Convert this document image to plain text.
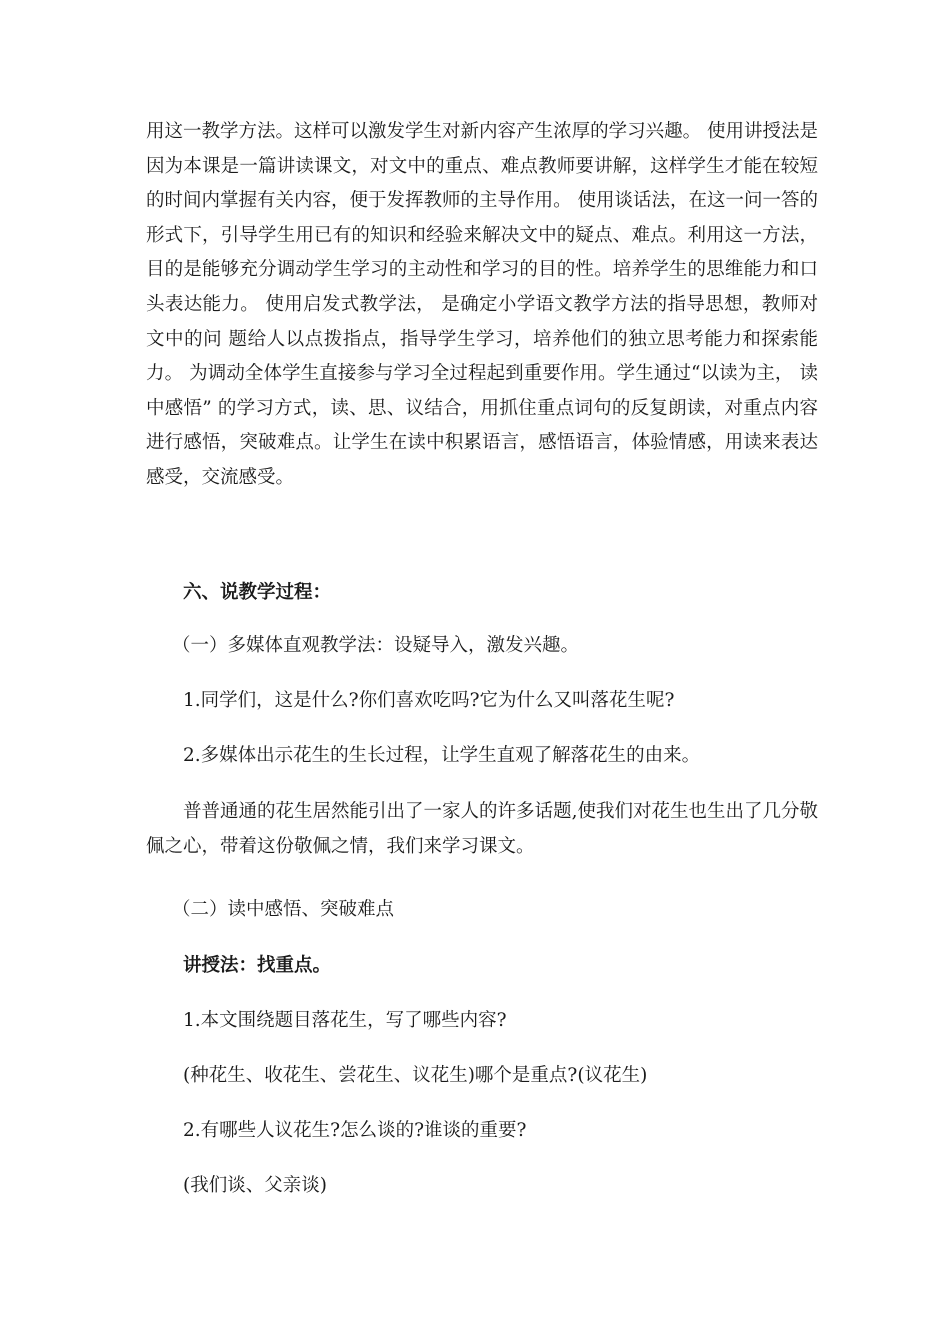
用这一教学方法。这样可以激发学生对新内容产生浓厚的学习兴趣。 使用讲授法是因为本课是一篇讲读课文，对文中的重点、难点教师要讲解，这样学生才能在较短的时间内掌握有关内容，便于发挥教师的主导作用。 使用谈话法，在这一问一答的形式下，引导学生用已有的知识和经验来解决文中的疑点、难点。利用这一方法，目的是能够充分调动学生学习的主动性和学习的目的性。培养学生的思维能力和口头表达能力。 使用启发式教学法， 是确定小学语文教学方法的指导思想，教师对文中的问 题给人以点拨指点，指导学生学习，培养他们的独立思考能力和探索能力。 为调动全体学生直接参与学习全过程起到重要作用。学生通过“以读为主， 读中感悟” 的学习方式，读、思、议结合，用抓住重点词句的反复朗读，对重点内容进行感悟，突破难点。让学生在读中积累语言，感悟语言，体验情感，用读来表达感受，交流感受。

六、说教学过程：

（一）多媒体直观教学法：设疑导入，激发兴趣。

1.同学们，这是什么?你们喜欢吃吗?它为什么又叫落花生呢?

2.多媒体出示花生的生长过程，让学生直观了解落花生的由来。

普普通通的花生居然能引出了一家人的许多话题,使我们对花生也生出了几分敬佩之心，带着这份敬佩之情，我们来学习课文。

（二）读中感悟、突破难点

讲授法：找重点。

1.本文围绕题目落花生，写了哪些内容?

(种花生、收花生、尝花生、议花生)哪个是重点?(议花生)

2.有哪些人议花生?怎么谈的?谁谈的重要?

(我们谈、父亲谈)
